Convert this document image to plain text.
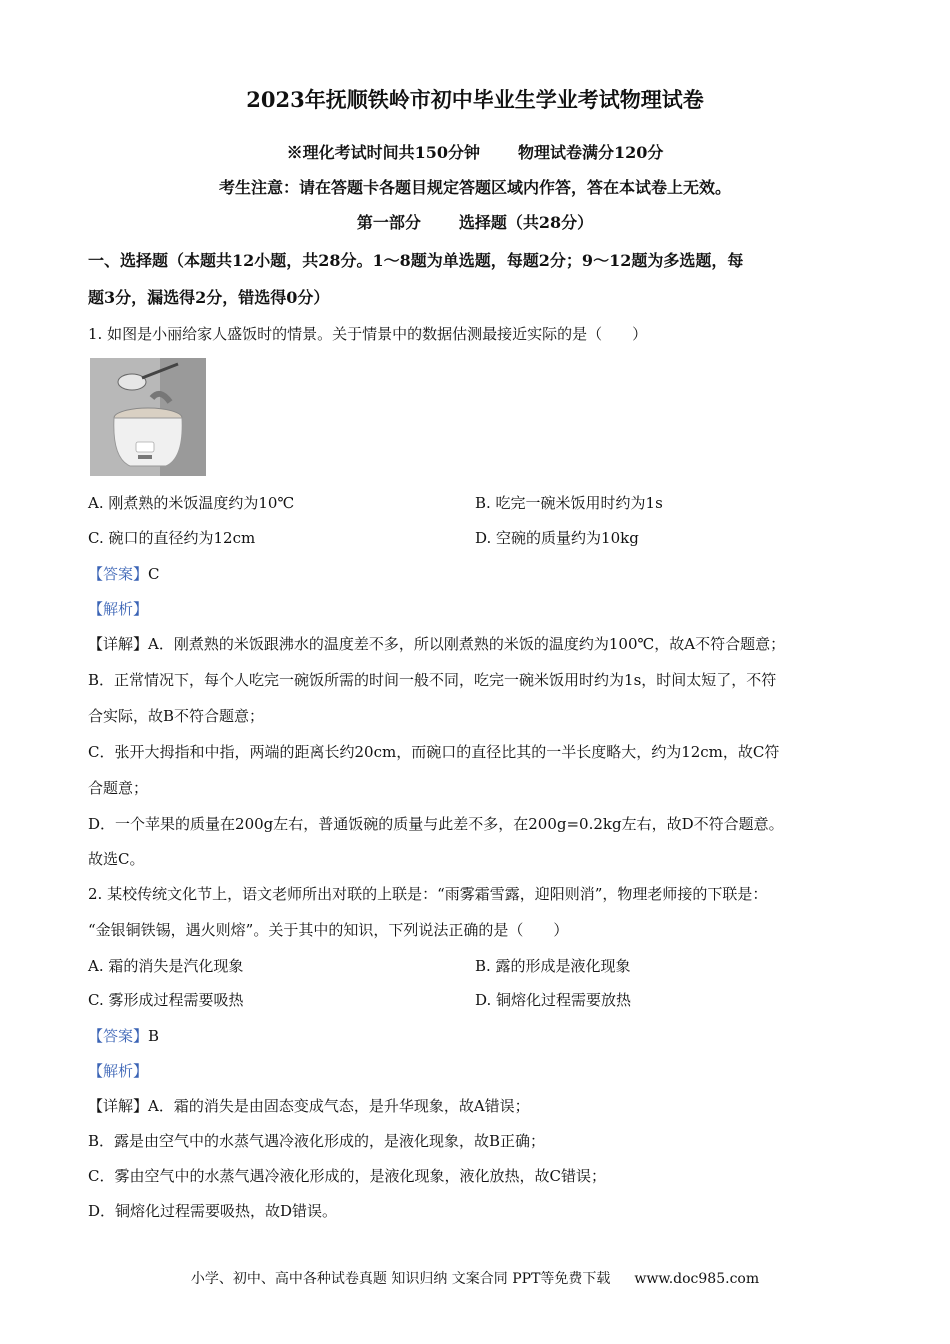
2023年抚顺铁岭市初中毕业生学业考试物理试卷
※理化考试时间共150分钟 物理试卷满分120分
考生注意：请在答题卡各题目规定答题区域内作答，答在本试卷上无效。
第一部分 选择题（共28分）
一、选择题（本题共12小题，共28分。1～8题为单选题，每题2分；9～12题为多选题，每
题3分，漏选得2分，错选得0分）
1. 如图是小丽给家人盛饭时的情景。关于情景中的数据估测最接近实际的是（　　）
A. 刚煮熟的米饭温度约为10℃	B. 吃完一碗米饭用时约为1s
C. 碗口的直径约为12cm	D. 空碗的质量约为10kg
【答案】C
【解析】
【详解】A．刚煮熟的米饭跟沸水的温度差不多，所以刚煮熟的米饭的温度约为100℃，故A不符合题意；
B．正常情况下，每个人吃完一碗饭所需的时间一般不同，吃完一碗米饭用时约为1s，时间太短了，不符
合实际，故B不符合题意；
C．张开大拇指和中指，两端的距离长约20cm，而碗口的直径比其的一半长度略大，约为12cm，故C符
合题意；
D．一个苹果的质量在200g左右，普通饭碗的质量与此差不多，在200g=0.2kg左右，故D不符合题意。
故选C。
2. 某校传统文化节上，语文老师所出对联的上联是：“雨雾霜雪露，迎阳则消”，物理老师接的下联是：
“金银铜铁锡，遇火则熔”。关于其中的知识，下列说法正确的是（　　）
A. 霜的消失是汽化现象	B. 露的形成是液化现象
C. 雾形成过程需要吸热	D. 铜熔化过程需要放热
【答案】B
【解析】
【详解】A．霜的消失是由固态变成气态，是升华现象，故A错误；
B．露是由空气中的水蒸气遇冷液化形成的，是液化现象，故B正确；
C．雾由空气中的水蒸气遇冷液化形成的，是液化现象，液化放热，故C错误；
D．铜熔化过程需要吸热，故D错误。
小学、初中、高中各种试卷真题 知识归纳 文案合同 PPT等免费下载 www.doc985.com
